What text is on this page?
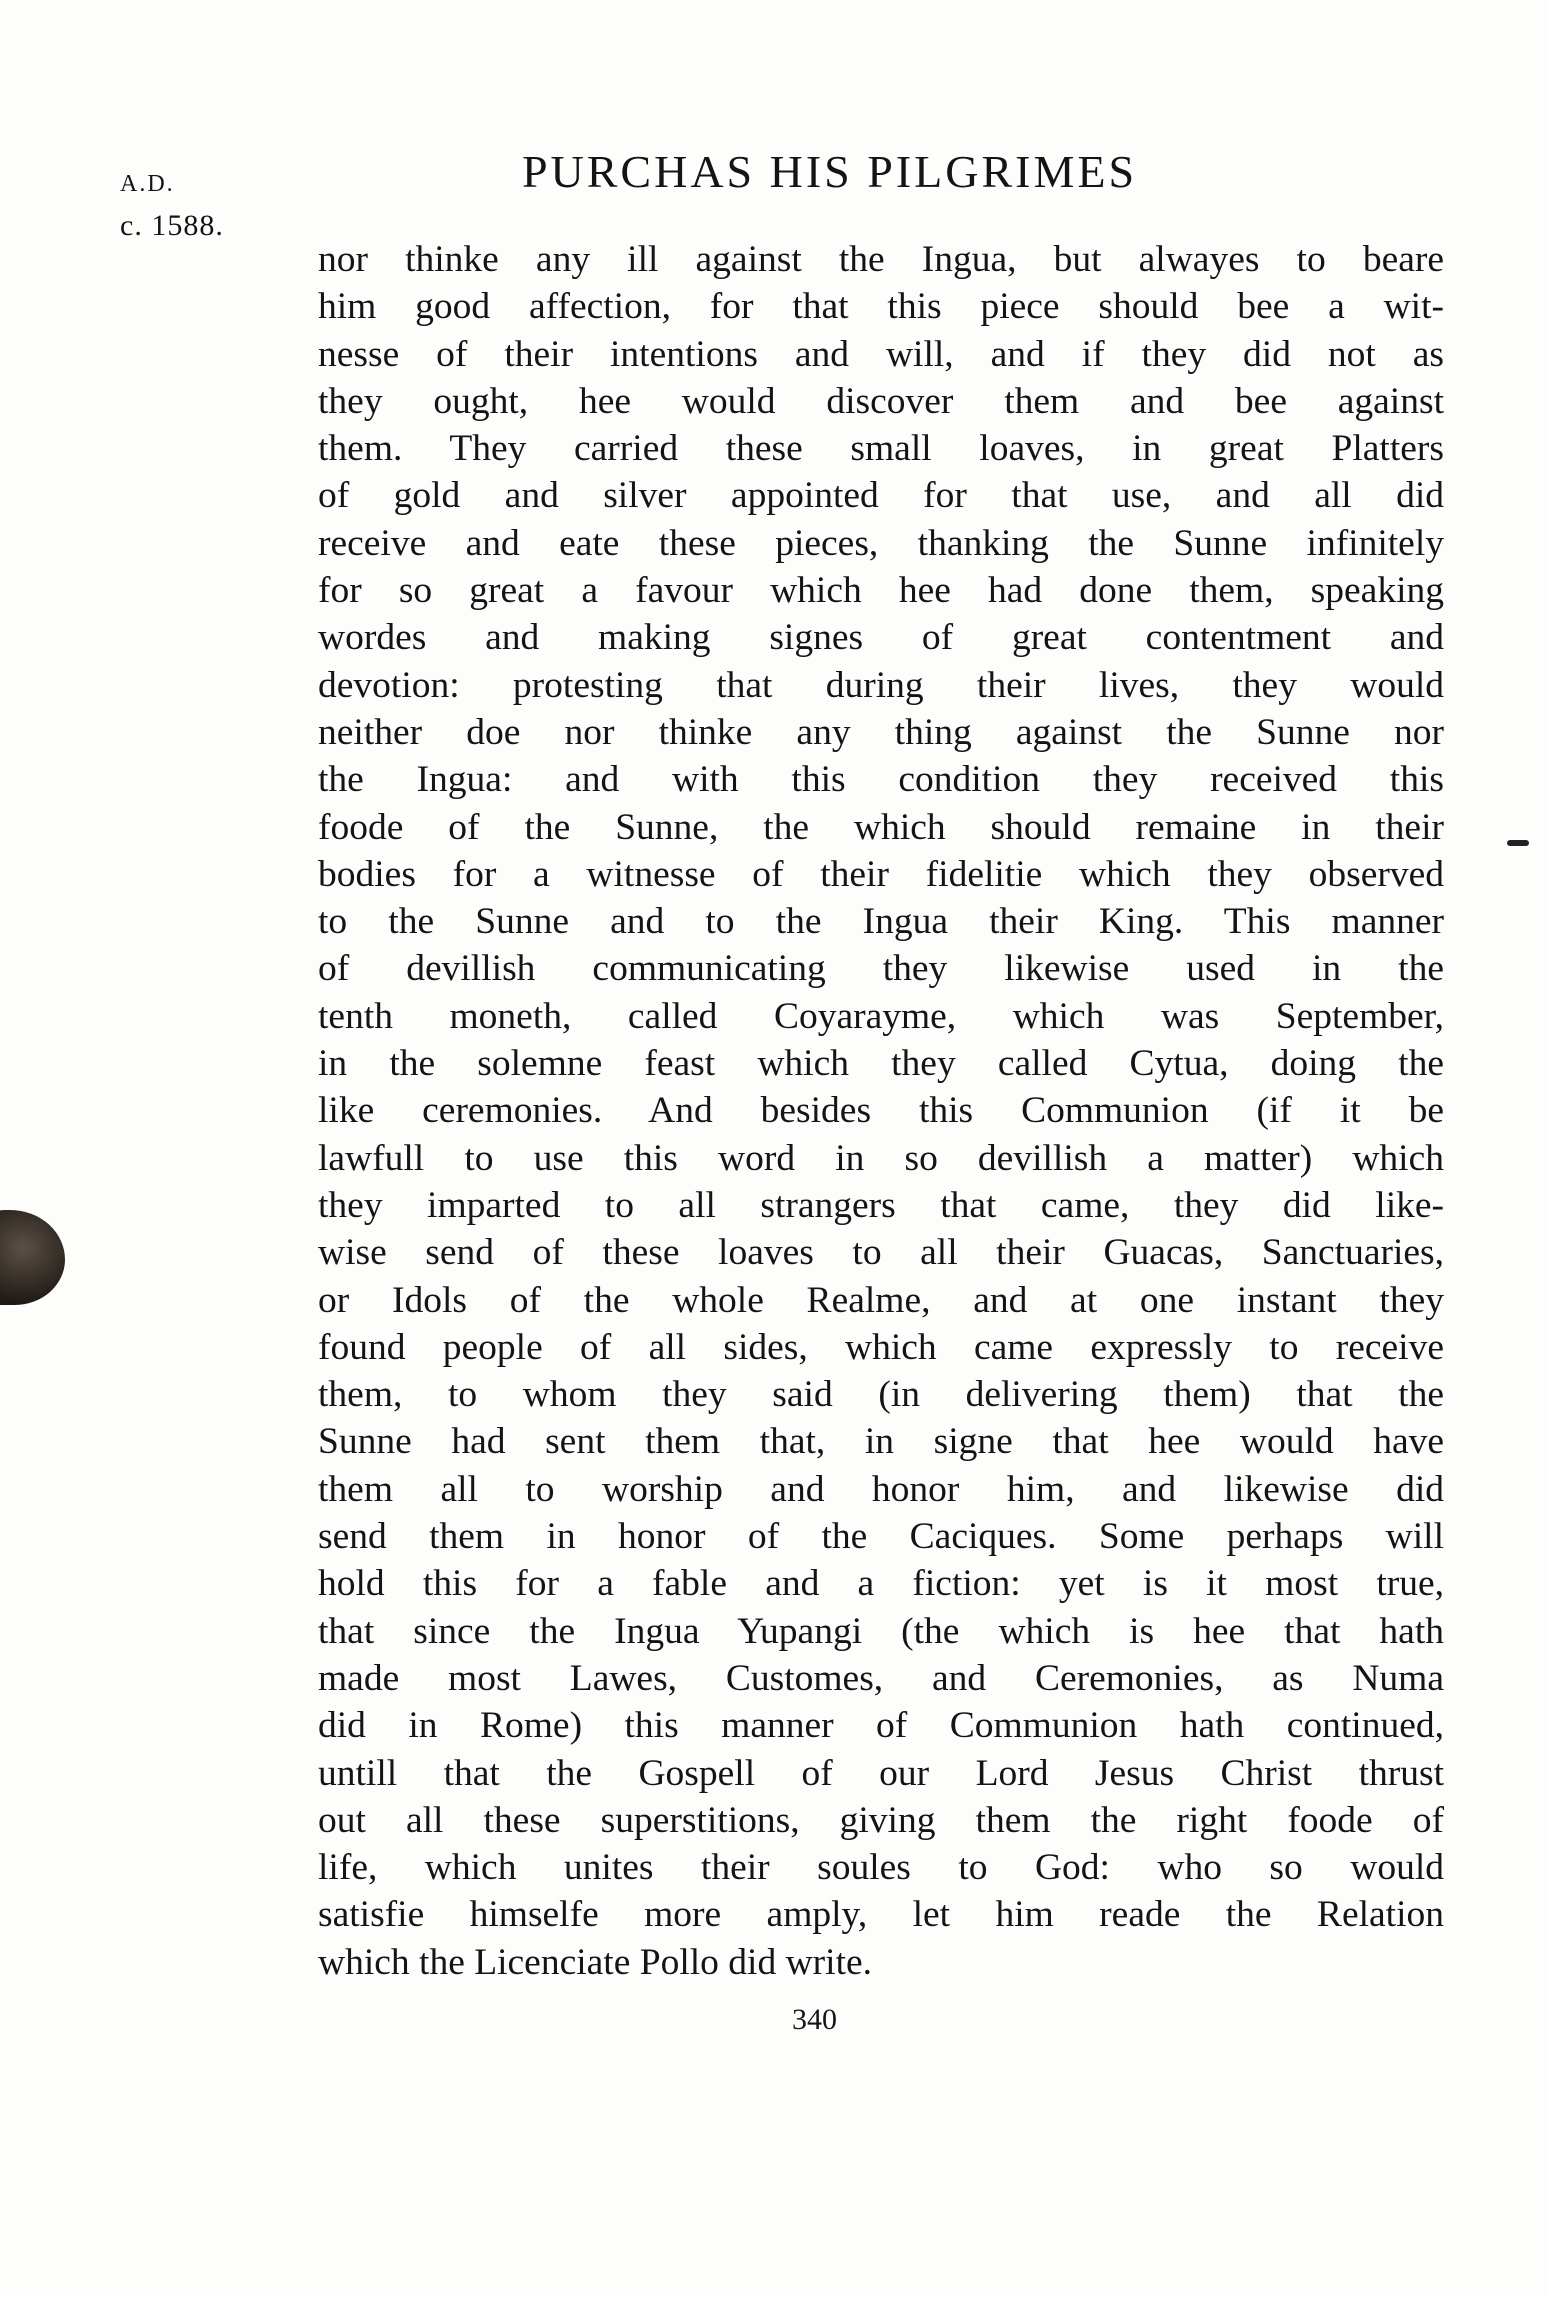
A.D.
c. 1588.
PURCHAS HIS PILGRIMES
nor thinke any ill against the Ingua, but alwayes to beare
him good affection, for that this piece should bee a wit-
nesse of their intentions and will, and if they did not as
they ought, hee would discover them and bee against
them. They carried these small loaves, in great Platters
of gold and silver appointed for that use, and all did
receive and eate these pieces, thanking the Sunne infinitely
for so great a favour which hee had done them, speaking
wordes and making signes of great contentment and
devotion: protesting that during their lives, they would
neither doe nor thinke any thing against the Sunne nor
the Ingua: and with this condition they received this
foode of the Sunne, the which should remaine in their
bodies for a witnesse of their fidelitie which they observed
to the Sunne and to the Ingua their King. This manner
of devillish communicating they likewise used in the
tenth moneth, called Coyarayme, which was September,
in the solemne feast which they called Cytua, doing the
like ceremonies. And besides this Communion (if it be
lawfull to use this word in so devillish a matter) which
they imparted to all strangers that came, they did like-
wise send of these loaves to all their Guacas, Sanctuaries,
or Idols of the whole Realme, and at one instant they
found people of all sides, which came expressly to receive
them, to whom they said (in delivering them) that the
Sunne had sent them that, in signe that hee would have
them all to worship and honor him, and likewise did
send them in honor of the Caciques. Some perhaps will
hold this for a fable and a fiction: yet is it most true,
that since the Ingua Yupangi (the which is hee that hath
made most Lawes, Customes, and Ceremonies, as Numa
did in Rome) this manner of Communion hath continued,
untill that the Gospell of our Lord Jesus Christ thrust
out all these superstitions, giving them the right foode of
life, which unites their soules to God: who so would
satisfie himselfe more amply, let him reade the Relation
which the Licenciate Pollo did write.
340
